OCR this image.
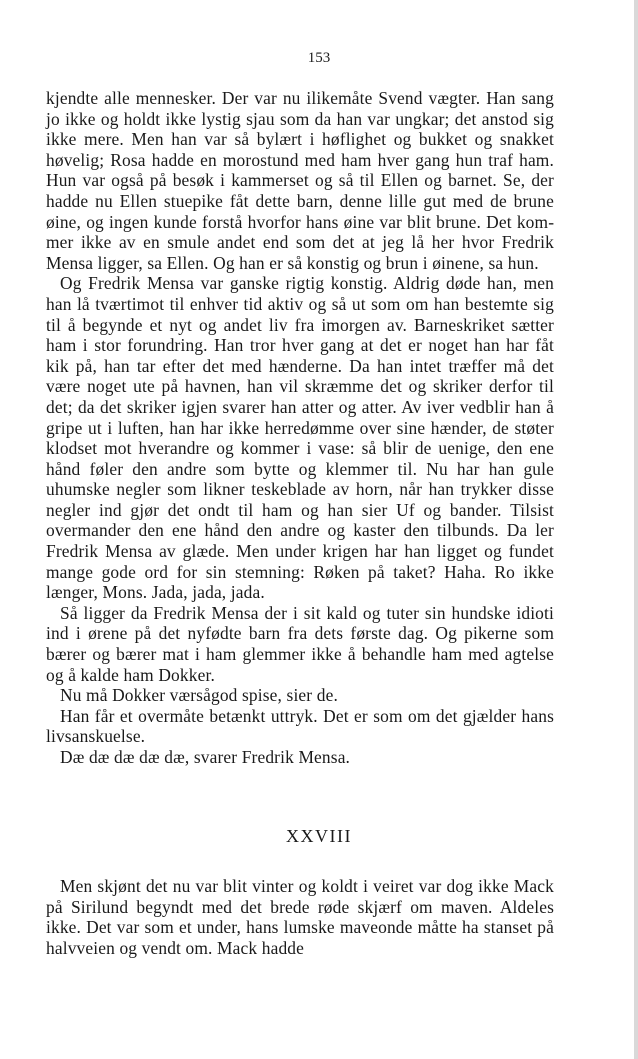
153

kjendte alle mennesker. Der var nu ilikemåte Svend vægter. Han sang jo ikke og holdt ikke lystig sjau som da han var ungkar; det anstod sig ikke mere. Men han var så bylært i høflighet og bukket og snakket høvelig; Rosa hadde en morostund med ham hver gang hun traf ham. Hun var også på besøk i kammerset og så til Ellen og barnet. Se, der hadde nu Ellen stuepike fåt dette barn, denne lille gut med de brune øine, og ingen kunde forstå hvorfor hans øine var blit brune. Det kommer ikke av en smule andet end som det at jeg lå her hvor Fredrik Mensa ligger, sa Ellen. Og han er så konstig og brun i øinene, sa hun.

Og Fredrik Mensa var ganske rigtig konstig. Aldrig døde han, men han lå tværtimot til enhver tid aktiv og så ut som om han bestemte sig til å begynde et nyt og andet liv fra imorgen av. Barneskriket sætter ham i stor forundring. Han tror hver gang at det er noget han har fåt kik på, han tar efter det med hænderne. Da han intet træffer må det være noget ute på havnen, han vil skræmme det og skriker derfor til det; da det skriker igjen svarer han atter og atter. Av iver vedblir han å gripe ut i luften, han har ikke herredømme over sine hænder, de støter klodset mot hverandre og kommer i vase: så blir de uenige, den ene hånd føler den andre som bytte og klemmer til. Nu har han gule uhumske negler som likner teskeblade av horn, når han trykker disse negler ind gjør det ondt til ham og han sier Uf og bander. Tilsist overmander den ene hånd den andre og kaster den tilbunds. Da ler Fredrik Mensa av glæde. Men under krigen har han ligget og fundet mange gode ord for sin stemning: Røken på taket? Haha. Ro ikke længer, Mons. Jada, jada, jada.

Så ligger da Fredrik Mensa der i sit kald og tuter sin hundske idioti ind i ørene på det nyfødte barn fra dets første dag. Og pikerne som bærer og bærer mat i ham glemmer ikke å behandle ham med agtelse og å kalde ham Dokker.

Nu må Dokker værsågod spise, sier de.

Han får et overmåte betænkt uttryk. Det er som om det gjælder hans livsanskuelse.

Dæ dæ dæ dæ dæ, svarer Fredrik Mensa.

XXVIII

Men skjønt det nu var blit vinter og koldt i veiret var dog ikke Mack på Sirilund begyndt med det brede røde skjærf om maven. Aldeles ikke. Det var som et under, hans lumske maveonde måtte ha stanset på halvveien og vendt om. Mack hadde
